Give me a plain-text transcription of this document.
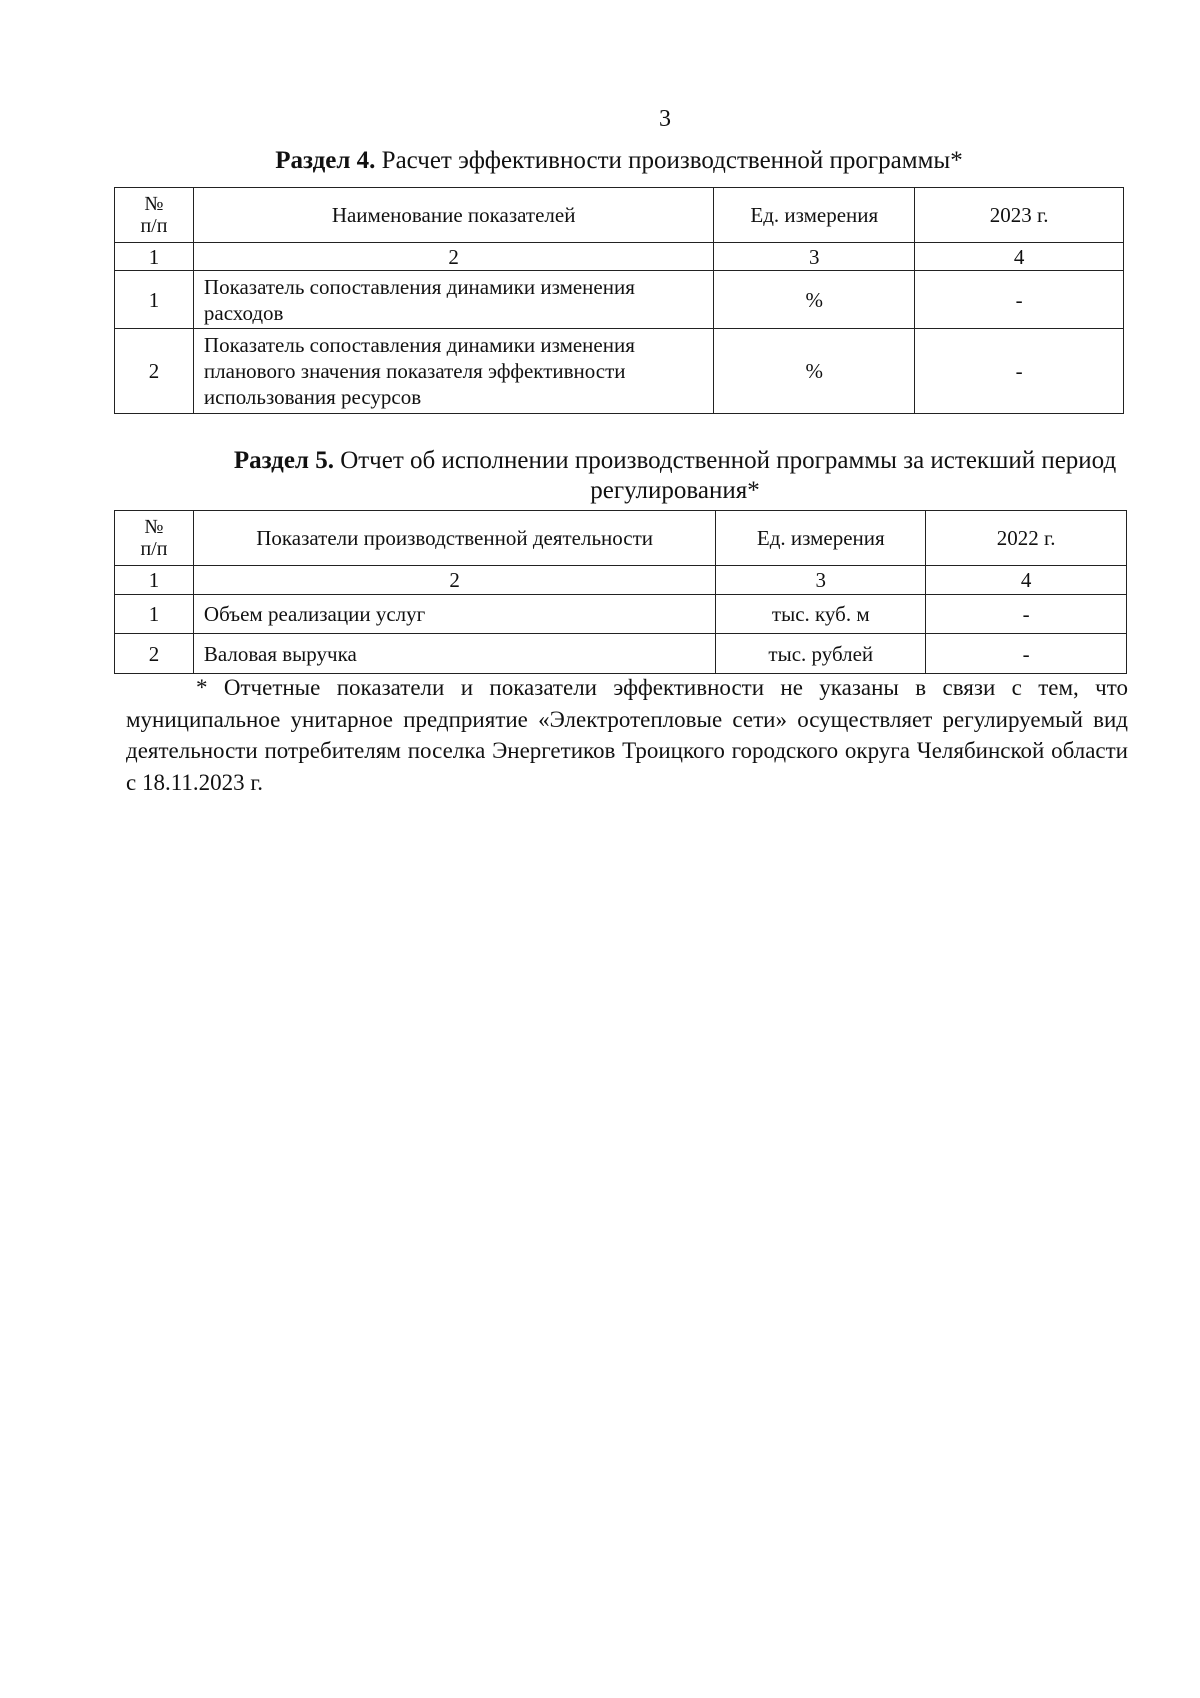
3
Раздел 4. Расчет эффективности производственной программы*
№
п/п	Наименование показателей	Ед. измерения	2023 г.
1	2	3	4
1	Показатель сопоставления динамики изменения расходов	%	-
2	Показатель сопоставления динамики изменения планового значения показателя эффективности использования ресурсов	%	-
Раздел 5. Отчет об исполнении производственной программы за истекший период регулирования*
№
п/п	Показатели производственной деятельности	Ед. измерения	2022 г.
1	2	3	4
1	Объем реализации услуг	тыс. куб. м	-
2	Валовая выручка	тыс. рублей	-

* Отчетные показатели и показатели эффективности не указаны в связи с тем, что муниципальное унитарное предприятие «Электротепловые сети» осуществляет регулируемый вид деятельности потребителям поселка Энергетиков Троицкого городского округа Челябинской области с 18.11.2023 г.
